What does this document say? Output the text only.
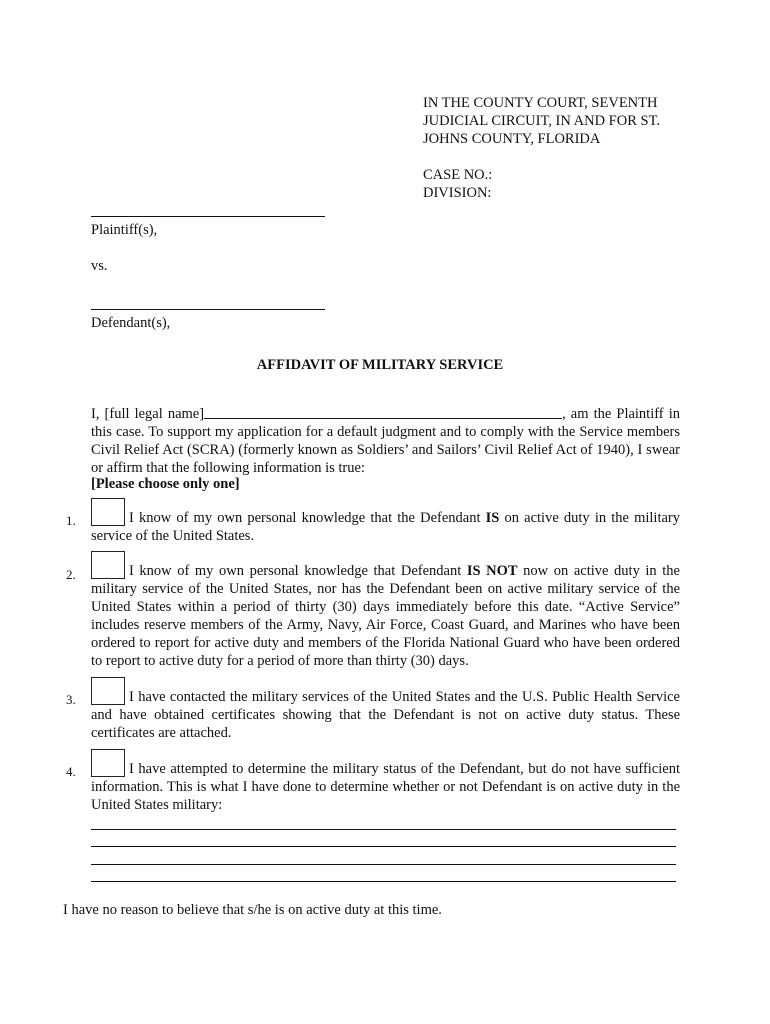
IN THE COUNTY COURT, SEVENTH
JUDICIAL CIRCUIT, IN AND FOR ST.
JOHNS COUNTY, FLORIDA
CASE NO.:
DIVISION:
Plaintiff(s),
vs.
Defendant(s),
AFFIDAVIT OF MILITARY SERVICE
I, [full legal name]	, am the Plaintiff in this case. To support my application for a default judgment and to comply with the Service members Civil Relief Act (SCRA) (formerly known as Soldiers’ and Sailors’ Civil Relief Act of 1940), I swear or affirm that the following information is true:
[Please choose only one]
1.	I know of my own personal knowledge that the Defendant IS on active duty in the military service of the United States.
2.	I know of my own personal knowledge that Defendant IS NOT now on active duty in the military service of the United States, nor has the Defendant been on active military service of the United States within a period of thirty (30) days immediately before this date. “Active Service” includes reserve members of the Army, Navy, Air Force, Coast Guard, and Marines who have been ordered to report for active duty and members of the Florida National Guard who have been ordered to report to active duty for a period of more than thirty (30) days.
3.	I have contacted the military services of the United States and the U.S. Public Health Service and have obtained certificates showing that the Defendant is not on active duty status. These certificates are attached.
4.	I have attempted to determine the military status of the Defendant, but do not have sufficient information. This is what I have done to determine whether or not Defendant is on active duty in the United States military:
I have no reason to believe that s/he is on active duty at this time.
